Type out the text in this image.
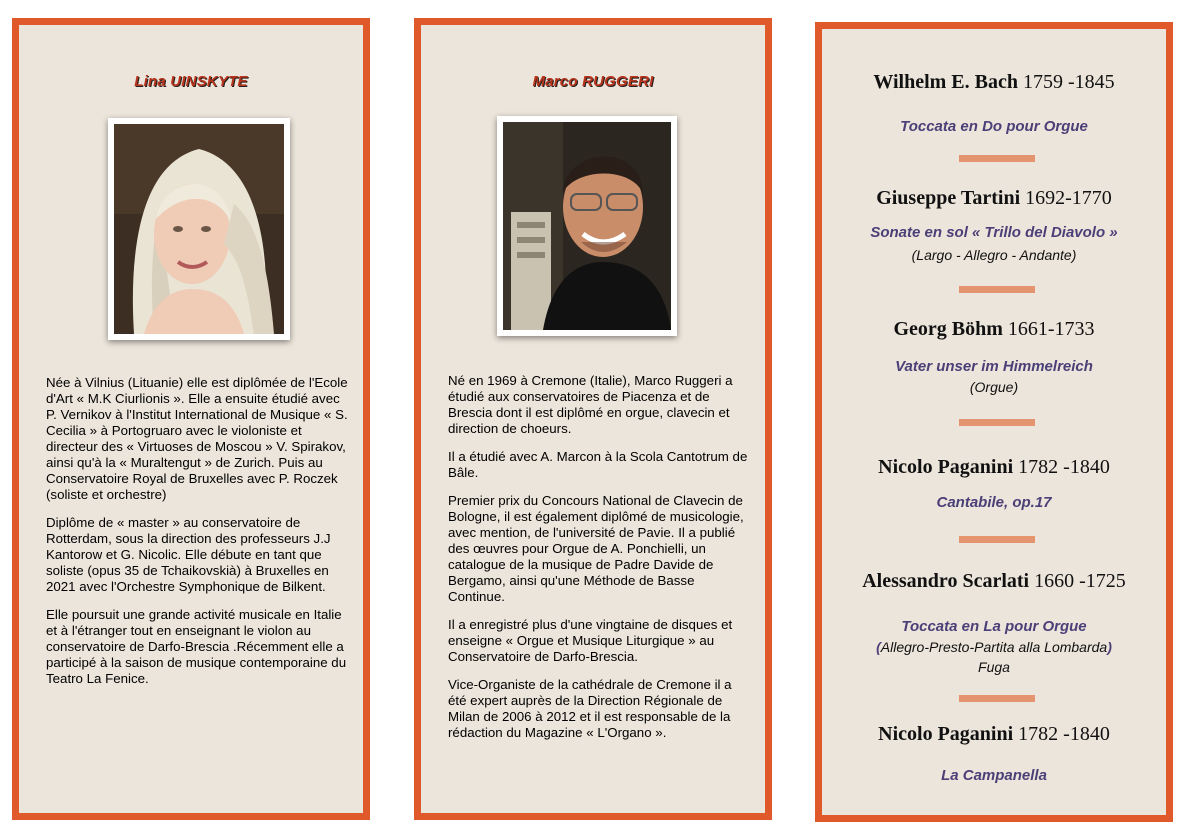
Lina UINSKYTE

Née à Vilnius (Lituanie) elle est diplômée de l'Ecole d'Art « M.K Ciurlionis ». Elle a ensuite étudié avec P. Vernikov à l'Institut International de Musique « S. Cecilia » à Portogruaro avec le violoniste et directeur des « Virtuoses de Moscou » V. Spirakov, ainsi qu'à la « Muraltengut » de Zurich. Puis au Conservatoire Royal de Bruxelles avec P. Roczek (soliste et orchestre)

Diplôme de « master » au conservatoire de Rotterdam, sous la direction des professeurs J.J Kantorow et G. Nicolic. Elle débute en tant que soliste (opus 35 de Tchaikovskià) à Bruxelles en 2021 avec l'Orchestre Symphonique de Bilkent.

Elle poursuit une grande activité musicale en Italie et à l'étranger tout en enseignant le violon au conservatoire de Darfo-Brescia .Récemment elle a participé à la saison de musique contemporaine du Teatro La Fenice.

Marco RUGGERI

Né en 1969 à Cremone (Italie), Marco Ruggeri a étudié aux conservatoires de Piacenza et de Brescia dont il est diplômé en orgue, clavecin et direction de choeurs.

Il a étudié avec A. Marcon à la Scola Cantotrum de Bâle.

Premier prix du Concours National de Clavecin de Bologne, il est également diplômé de musicologie, avec mention, de l'université de Pavie. Il a publié des œuvres pour Orgue de A. Ponchielli, un catalogue de la musique de Padre Davide de Bergamo, ainsi qu'une Méthode de Basse Continue.

Il a enregistré plus d'une vingtaine de disques et enseigne « Orgue et Musique Liturgique » au Conservatoire de Darfo-Brescia.

Vice-Organiste de la cathédrale de Cremone il a été expert auprès de la Direction Régionale de Milan de 2006 à 2012 et il est responsable de la rédaction du Magazine « L'Organo ».

Wilhelm E. Bach 1759 -1845
Toccata en Do pour Orgue
Giuseppe Tartini 1692-1770
Sonate en sol « Trillo del Diavolo »
(Largo - Allegro - Andante)
Georg Böhm 1661-1733
Vater unser im Himmelreich
(Orgue)
Nicolo Paganini 1782 -1840
Cantabile, op.17
Alessandro Scarlati 1660 -1725
Toccata en La pour Orgue
(Allegro-Presto-Partita alla Lombarda)
Fuga
Nicolo Paganini 1782 -1840
La Campanella
